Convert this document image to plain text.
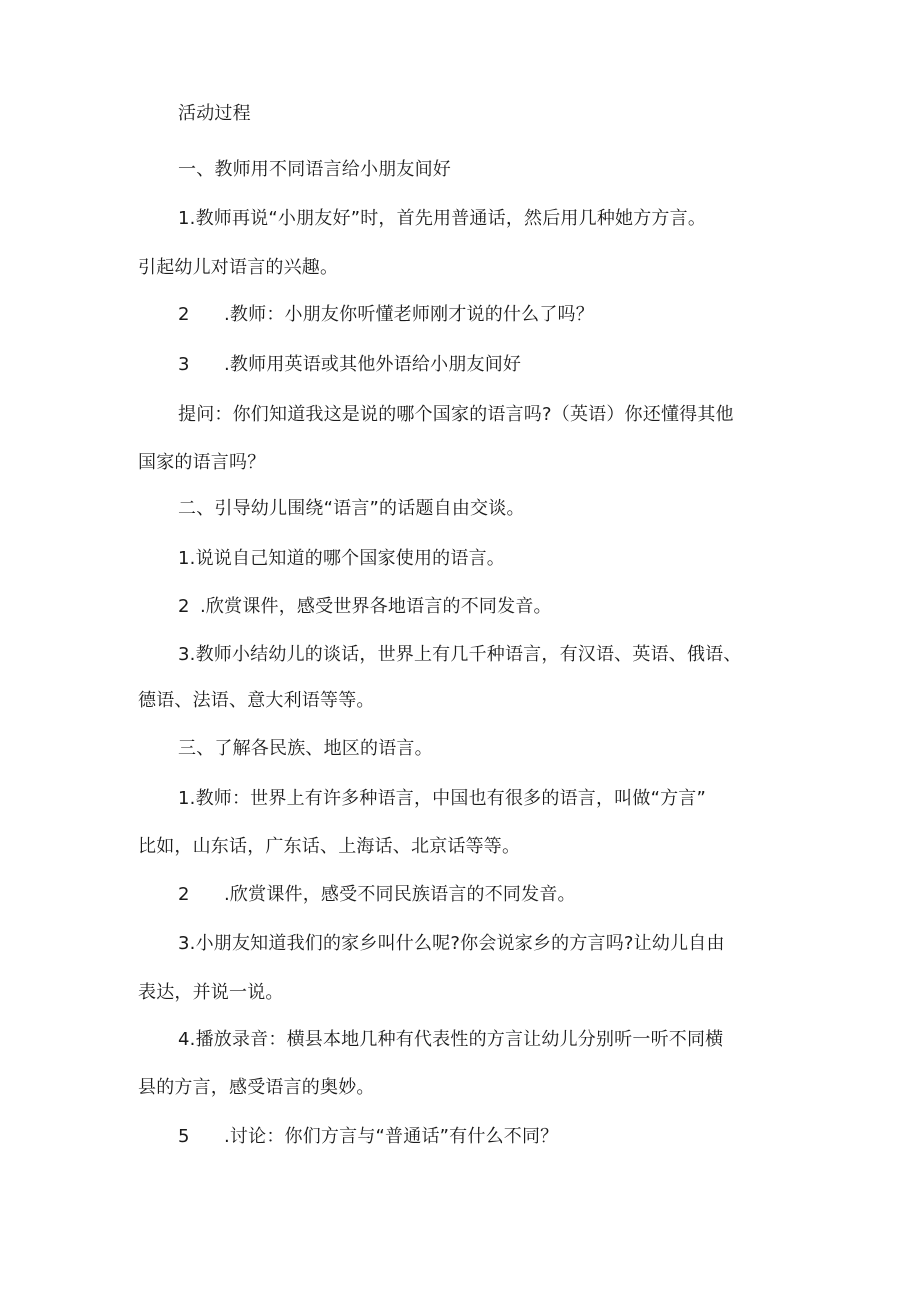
活动过程
一、教师用不同语言给小朋友间好
1.教师再说“小朋友好”时，首先用普通话，然后用几种她方方言。
引起幼儿对语言的兴趣。
2 .教师：小朋友你听懂老师刚才说的什么了吗？
3 .教师用英语或其他外语给小朋友间好
提问：你们知道我这是说的哪个国家的语言吗?（英语）你还懂得其他
国家的语言吗？
二、引导幼儿围绕“语言”的话题自由交谈。
1.说说自己知道的哪个国家使用的语言。
2 .欣赏课件，感受世界各地语言的不同发音。
3.教师小结幼儿的谈话，世界上有几千种语言，有汉语、英语、俄语、
德语、法语、意大利语等等。
三、了解各民族、地区的语言。
1.教师：世界上有许多种语言，中国也有很多的语言，叫做“方言”
比如，山东话，广东话、上海话、北京话等等。
2 .欣赏课件，感受不同民族语言的不同发音。
3.小朋友知道我们的家乡叫什么呢?你会说家乡的方言吗?让幼儿自由
表达，并说一说。
4.播放录音：横县本地几种有代表性的方言让幼儿分别听一听不同横
县的方言，感受语言的奥妙。
5 .讨论：你们方言与“普通话”有什么不同？
